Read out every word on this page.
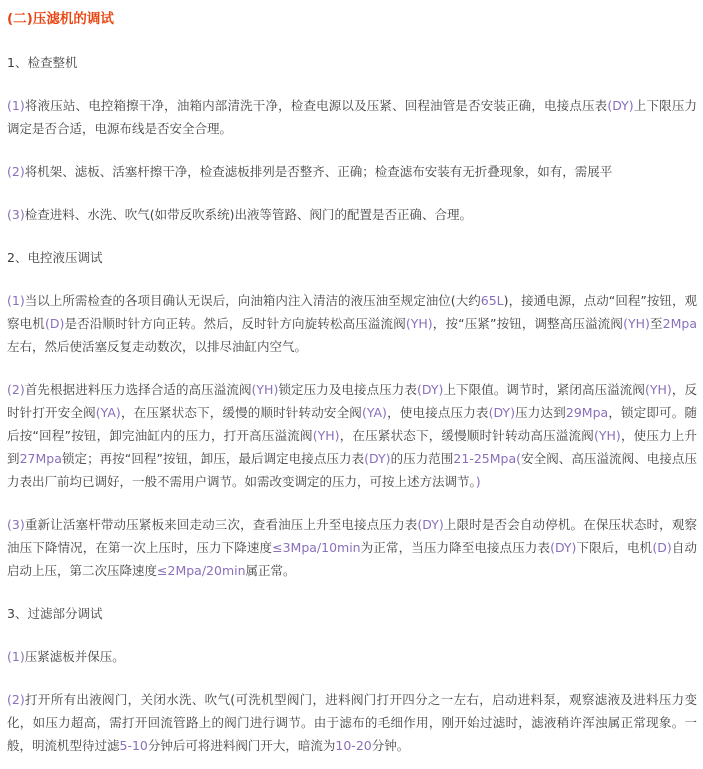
(二)压滤机的调试
1、检查整机

(1)将液压站、电控箱擦干净，油箱内部清洗干净，检查电源以及压紧、回程油管是否安装正确，电接点压表(DY)上下限压力调定是否合适，电源布线是否安全合理。

(2)将机架、滤板、活塞杆擦干净，检查滤板排列是否整齐、正确；检查滤布安装有无折叠现象，如有，需展平

(3)检查进料、水洗、吹气(如带反吹系统)出液等管路、阀门的配置是否正确、合理。

2、电控液压调试

(1)当以上所需检查的各项目确认无误后，向油箱内注入清洁的液压油至规定油位(大约65L)，接通电源，点动“回程”按钮，观察电机(D)是否沿顺时针方向正转。然后，反时针方向旋转松高压溢流阀(YH)，按“压紧”按钮，调整高压溢流阀(YH)至2Mpa左右，然后使活塞反复走动数次，以排尽油缸内空气。

(2)首先根据进料压力选择合适的高压溢流阀(YH)锁定压力及电接点压力表(DY)上下限值。调节时，紧闭高压溢流阀(YH)，反时针打开安全阀(YA)，在压紧状态下，缓慢的顺时针转动安全阀(YA)，使电接点压力表(DY)压力达到29Mpa，锁定即可。随后按“回程”按钮，卸完油缸内的压力，打开高压溢流阀(YH)，在压紧状态下，缓慢顺时针转动高压溢流阀(YH)，使压力上升到27Mpa锁定；再按“回程”按钮，卸压，最后调定电接点压力表(DY)的压力范围21-25Mpa(安全阀、高压溢流阀、电接点压力表出厂前均已调好，一般不需用户调节。如需改变调定的压力，可按上述方法调节。)

(3)重新让活塞杆带动压紧板来回走动三次，查看油压上升至电接点压力表(DY)上限时是否会自动停机。在保压状态时，观察油压下降情况，在第一次上压时，压力下降速度≤3Mpa/10min为正常，当压力降至电接点压力表(DY)下限后，电机(D)自动启动上压，第二次压降速度≤2Mpa/20min属正常。

3、过滤部分调试

(1)压紧滤板并保压。

(2)打开所有出液阀门，关闭水洗、吹气(可洗机型阀门，进料阀门打开四分之一左右，启动进料泵，观察滤液及进料压力变化，如压力超高，需打开回流管路上的阀门进行调节。由于滤布的毛细作用，刚开始过滤时，滤液稍许浑浊属正常现象。一般，明流机型待过滤5-10分钟后可将进料阀门开大，暗流为10-20分钟。
